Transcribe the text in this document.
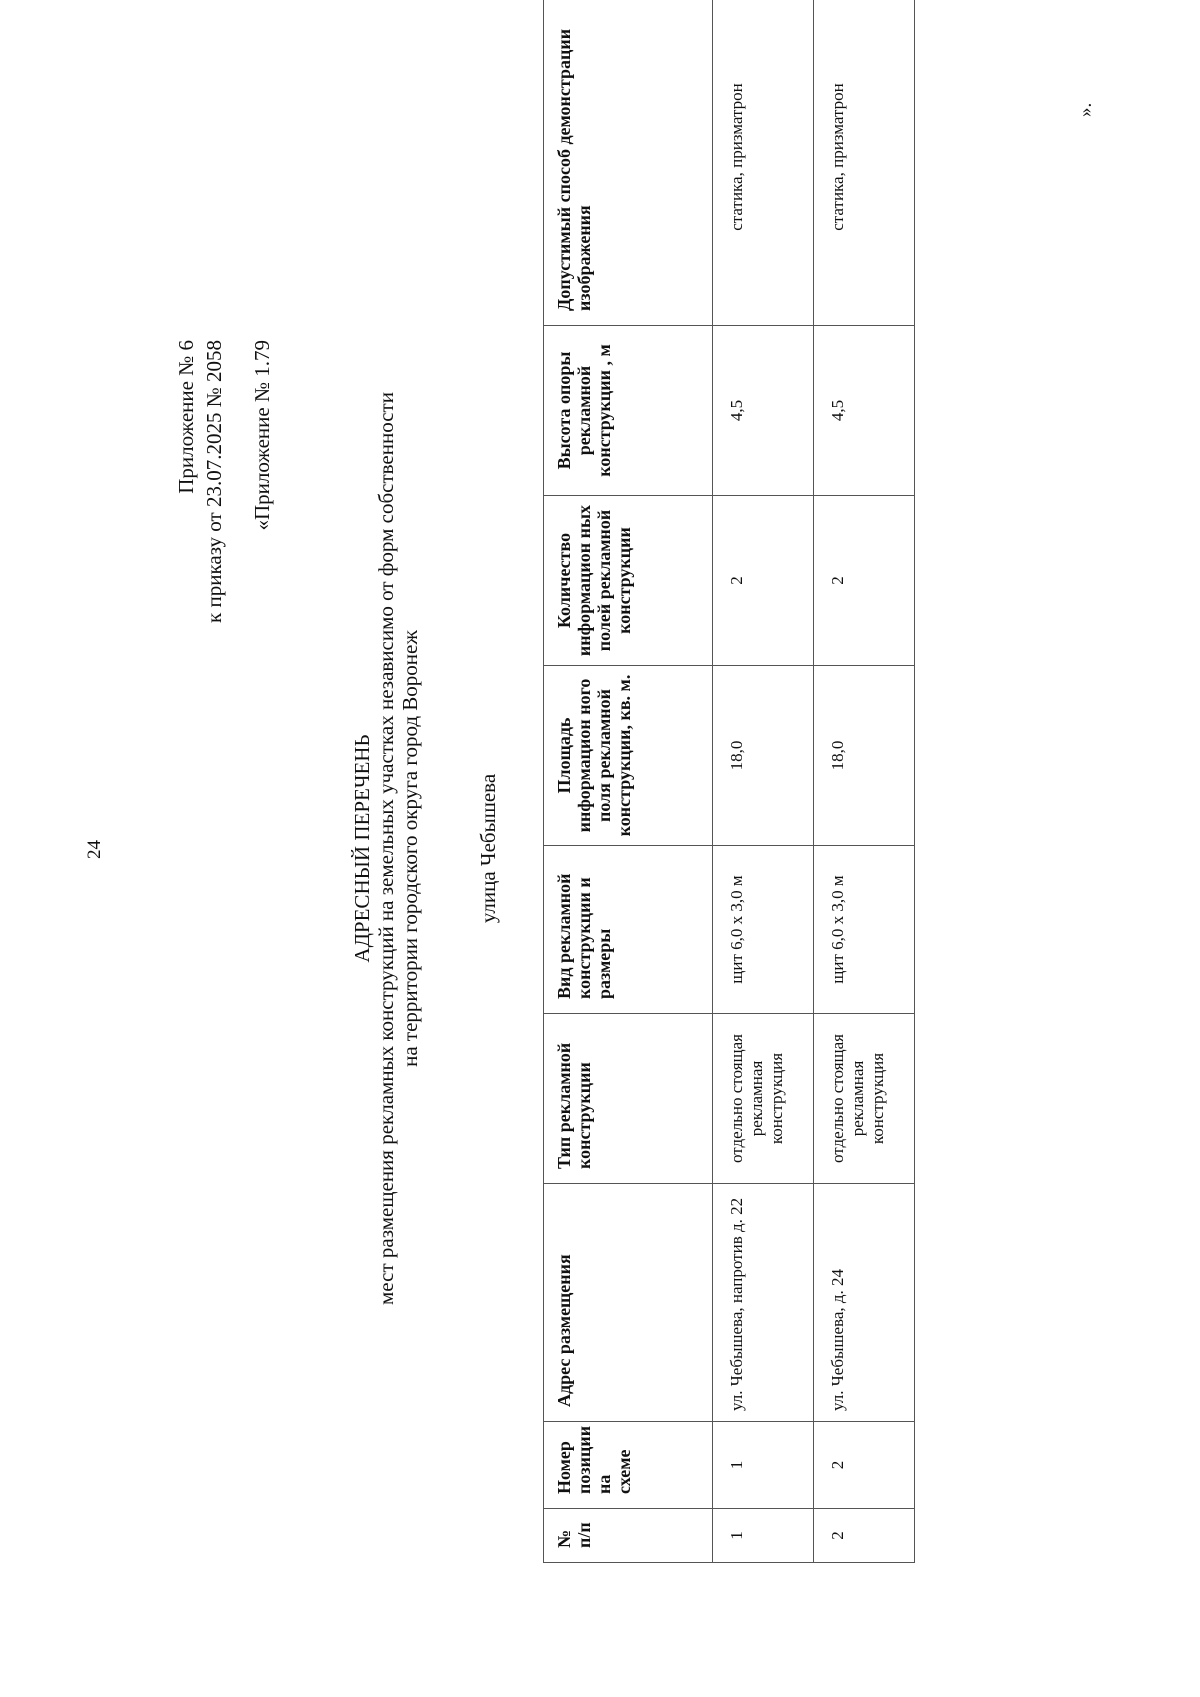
24
Приложение № 6 к приказу от 23.07.2025 № 2058 «Приложение № 1.79
АДРЕСНЫЙ ПЕРЕЧЕНЬ мест размещения рекламных конструкций на земельных участках независимо от форм собственности на территории городского округа город Воронеж	улица Чебышева
№ п/п	Номер позиции на схеме	Адрес размещения	Тип рекламной конструкции	Вид рекламной конструкции и размеры	Площадь информацион ного поля рекламной конструкции, кв. м.	Количество информацион ных полей рекламной конструкции	Высота опоры рекламной конструкции , м	Допустимый способ демонстрации изображения
1	1	ул. Чебышева, напротив д. 22	отдельно стоящая рекламная конструкция	щит 6,0 х 3,0 м	18,0	2	4,5	статика, призматрон
2	2	ул. Чебышева, д. 24	отдельно стоящая рекламная конструкция	щит 6,0 х 3,0 м	18,0	2	4,5	статика, призматрон	».
